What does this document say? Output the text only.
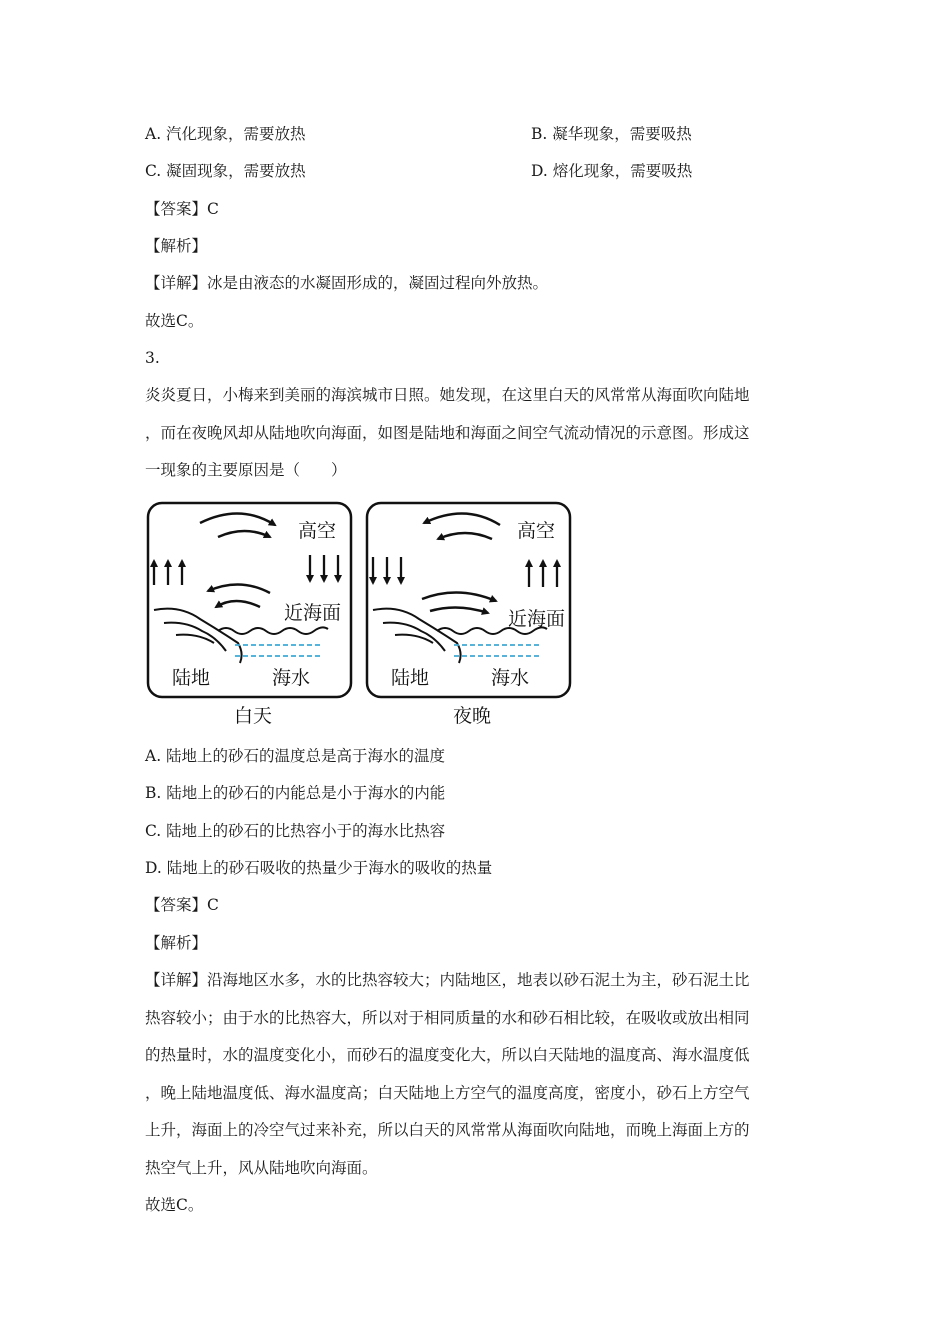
A. 汽化现象，需要放热	B. 凝华现象，需要吸热
C. 凝固现象，需要放热	D. 熔化现象，需要吸热
【答案】C
【解析】
【详解】冰是由液态的水凝固形成的，凝固过程向外放热。
故选C。
3.
炎炎夏日，小梅来到美丽的海滨城市日照。她发现，在这里白天的风常常从海面吹向陆地
，而在夜晚风却从陆地吹向海面，如图是陆地和海面之间空气流动情况的示意图。形成这
一现象的主要原因是（　　）
高空
近海面
陆地	海水
白天
高空
近海面
陆地	海水
夜晚
A. 陆地上的砂石的温度总是高于海水的温度
B. 陆地上的砂石的内能总是小于海水的内能
C. 陆地上的砂石的比热容小于的海水比热容
D. 陆地上的砂石吸收的热量少于海水的吸收的热量
【答案】C
【解析】
【详解】沿海地区水多，水的比热容较大；内陆地区，地表以砂石泥土为主，砂石泥土比
热容较小；由于水的比热容大，所以对于相同质量的水和砂石相比较，在吸收或放出相同
的热量时，水的温度变化小，而砂石的温度变化大，所以白天陆地的温度高、海水温度低
，晚上陆地温度低、海水温度高；白天陆地上方空气的温度高度，密度小，砂石上方空气
上升，海面上的冷空气过来补充，所以白天的风常常从海面吹向陆地，而晚上海面上方的
热空气上升，风从陆地吹向海面。
故选C。
